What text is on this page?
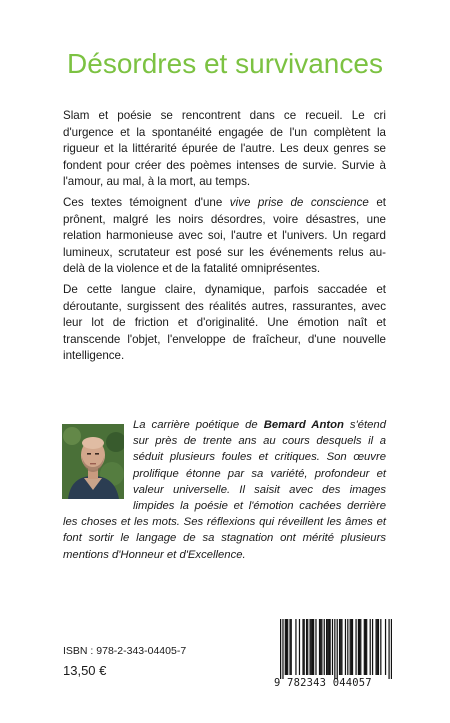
Désordres et survivances

Slam et poésie se rencontrent dans ce recueil. Le cri d'urgence et la spontanéité engagée de l'un complètent la rigueur et la littérarité épurée de l'autre. Les deux genres se fondent pour créer des poèmes intenses de survie. Survie à l'amour, au mal, à la mort, au temps.

Ces textes témoignent d'une vive prise de conscience et prônent, malgré les noirs désordres, voire désastres, une relation harmonieuse avec soi, l'autre et l'univers. Un regard lumineux, scrutateur est posé sur les événements relus au-delà de la violence et de la fatalité omniprésentes.

De cette langue claire, dynamique, parfois saccadée et déroutante, surgissent des réalités autres, rassurantes, avec leur lot de friction et d'originalité. Une émotion naît et transcende l'objet, l'enveloppe de fraîcheur, d'une nouvelle intelligence.

La carrière poétique de Bemard Anton s'étend sur près de trente ans au cours desquels il a séduit plusieurs foules et critiques. Son œuvre prolifique étonne par sa variété, profondeur et valeur universelle. Il saisit avec des images limpides la poésie et l'émotion cachées derrière les choses et les mots. Ses réflexions qui réveillent les âmes et font sortir le langage de sa stagnation ont mérité plusieurs mentions d'Honneur et d'Excellence.

ISBN : 978-2-343-04405-7
13,50 €
9 782343 044057
